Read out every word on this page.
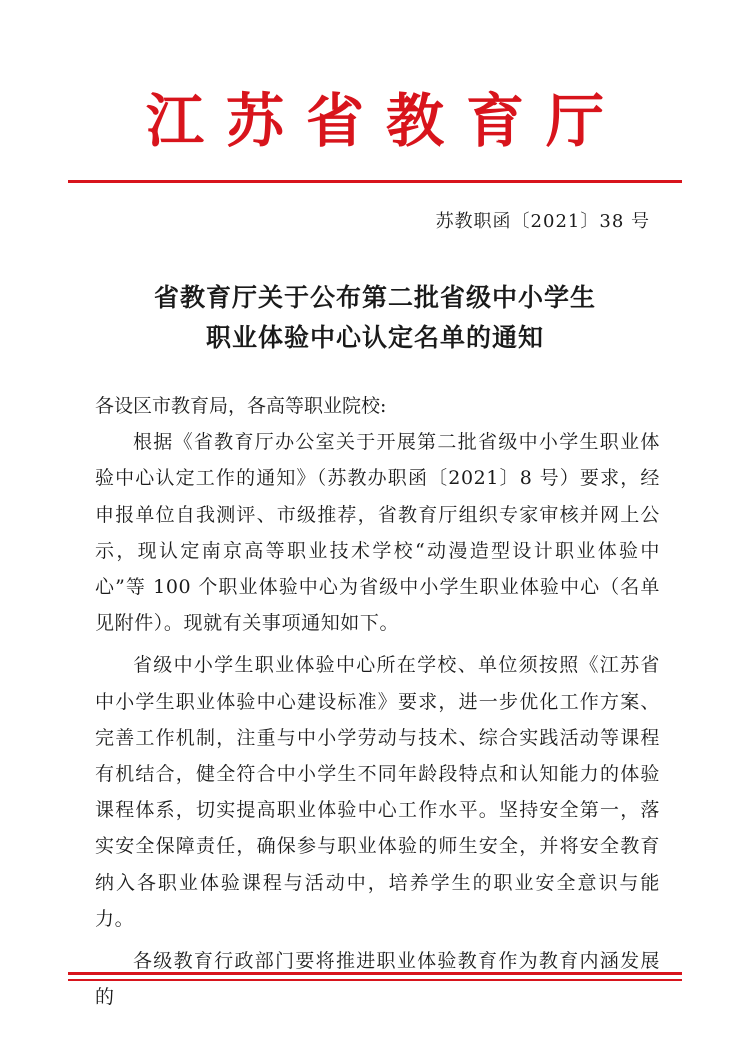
江苏省教育厅
苏教职函〔2021〕38 号
省教育厅关于公布第二批省级中小学生
职业体验中心认定名单的通知
各设区市教育局，各高等职业院校:

根据《省教育厅办公室关于开展第二批省级中小学生职业体验中心认定工作的通知》（苏教办职函〔2021〕8 号）要求，经申报单位自我测评、市级推荐，省教育厅组织专家审核并网上公示，现认定南京高等职业技术学校“动漫造型设计职业体验中心”等 100 个职业体验中心为省级中小学生职业体验中心（名单见附件）。现就有关事项通知如下。

省级中小学生职业体验中心所在学校、单位须按照《江苏省中小学生职业体验中心建设标准》要求，进一步优化工作方案、完善工作机制，注重与中小学劳动与技术、综合实践活动等课程有机结合，健全符合中小学生不同年龄段特点和认知能力的体验课程体系，切实提高职业体验中心工作水平。坚持安全第一，落实安全保障责任，确保参与职业体验的师生安全，并将安全教育纳入各职业体验课程与活动中，培养学生的职业安全意识与能力。

各级教育行政部门要将推进职业体验教育作为教育内涵发展的
